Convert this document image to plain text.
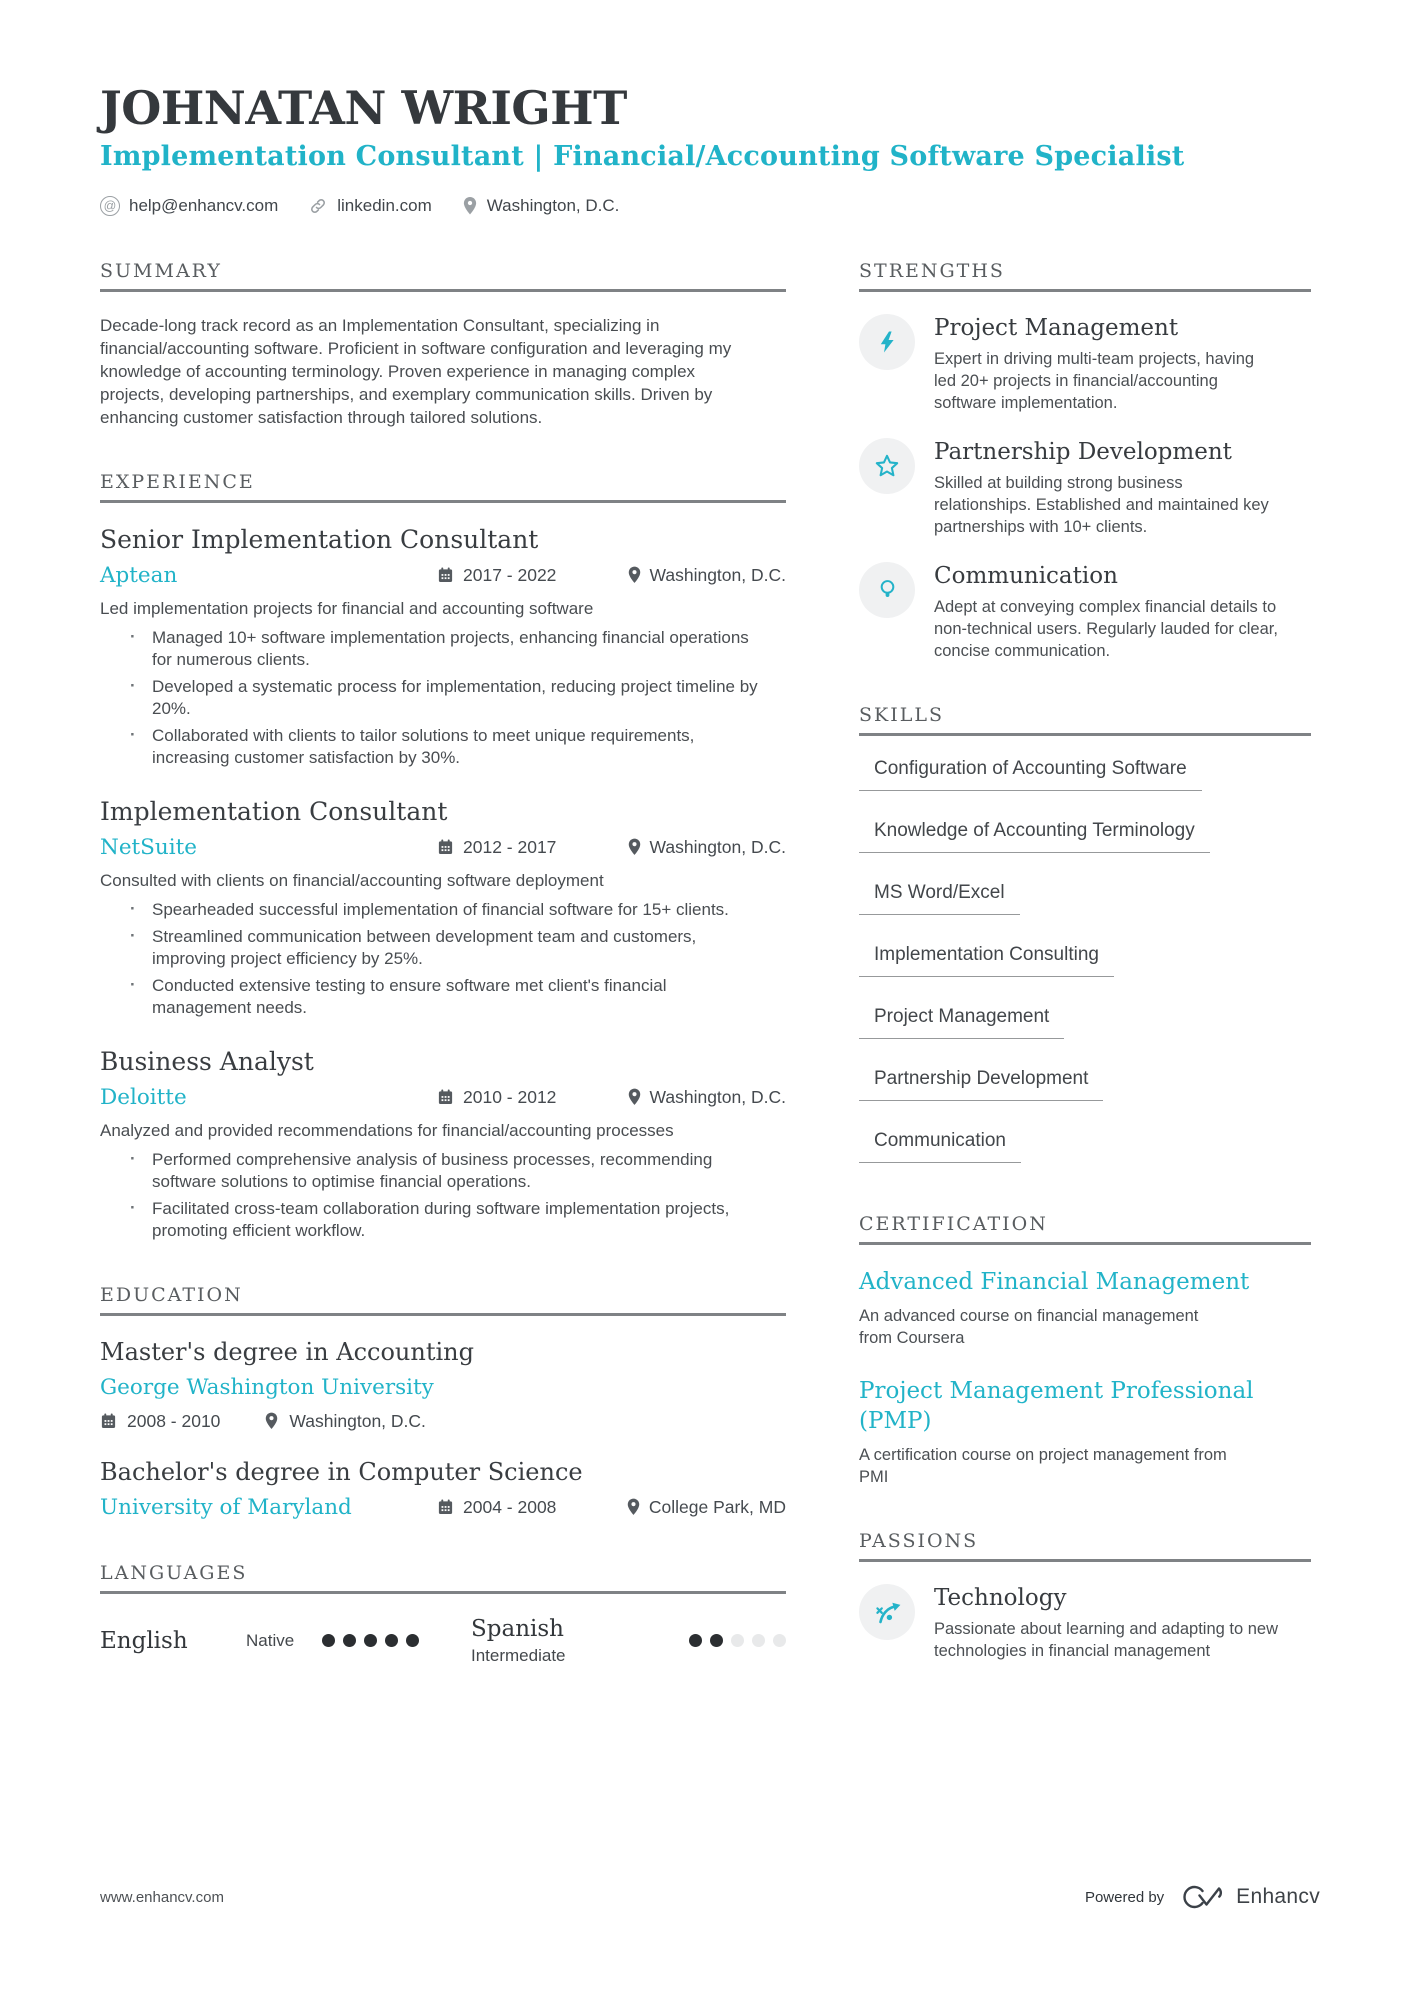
JOHNATAN WRIGHT
Implementation Consultant | Financial/Accounting Software Specialist
@ help@enhancv.com	linkedin.com	Washington, D.C.
SUMMARY
Decade-long track record as an Implementation Consultant, specializing in financial/accounting software. Proficient in software configuration and leveraging my knowledge of accounting terminology. Proven experience in managing complex projects, developing partnerships, and exemplary communication skills. Driven by enhancing customer satisfaction through tailored solutions.
EXPERIENCE
Senior Implementation Consultant
Aptean	2017 - 2022	Washington, D.C.
Led implementation projects for financial and accounting software
· Managed 10+ software implementation projects, enhancing financial operations for numerous clients.
· Developed a systematic process for implementation, reducing project timeline by 20%.
· Collaborated with clients to tailor solutions to meet unique requirements, increasing customer satisfaction by 30%.
Implementation Consultant
NetSuite	2012 - 2017	Washington, D.C.
Consulted with clients on financial/accounting software deployment
· Spearheaded successful implementation of financial software for 15+ clients.
· Streamlined communication between development team and customers, improving project efficiency by 25%.
· Conducted extensive testing to ensure software met client's financial management needs.
Business Analyst
Deloitte	2010 - 2012	Washington, D.C.
Analyzed and provided recommendations for financial/accounting processes
· Performed comprehensive analysis of business processes, recommending software solutions to optimise financial operations.
· Facilitated cross-team collaboration during software implementation projects, promoting efficient workflow.
EDUCATION
Master's degree in Accounting
George Washington University
2008 - 2010	Washington, D.C.
Bachelor's degree in Computer Science
University of Maryland	2004 - 2008	College Park, MD
LANGUAGES
English	Native	Spanish
Intermediate
STRENGTHS
Project Management
Expert in driving multi-team projects, having led 20+ projects in financial/accounting software implementation.
Partnership Development
Skilled at building strong business relationships. Established and maintained key partnerships with 10+ clients.
Communication
Adept at conveying complex financial details to non-technical users. Regularly lauded for clear, concise communication.
SKILLS
Configuration of Accounting Software
Knowledge of Accounting Terminology
MS Word/Excel
Implementation Consulting
Project Management
Partnership Development
Communication
CERTIFICATION
Advanced Financial Management
An advanced course on financial management from Coursera
Project Management Professional (PMP)
A certification course on project management from PMI
PASSIONS
Technology
Passionate about learning and adapting to new technologies in financial management
www.enhancv.com	Powered by	Enhancv
